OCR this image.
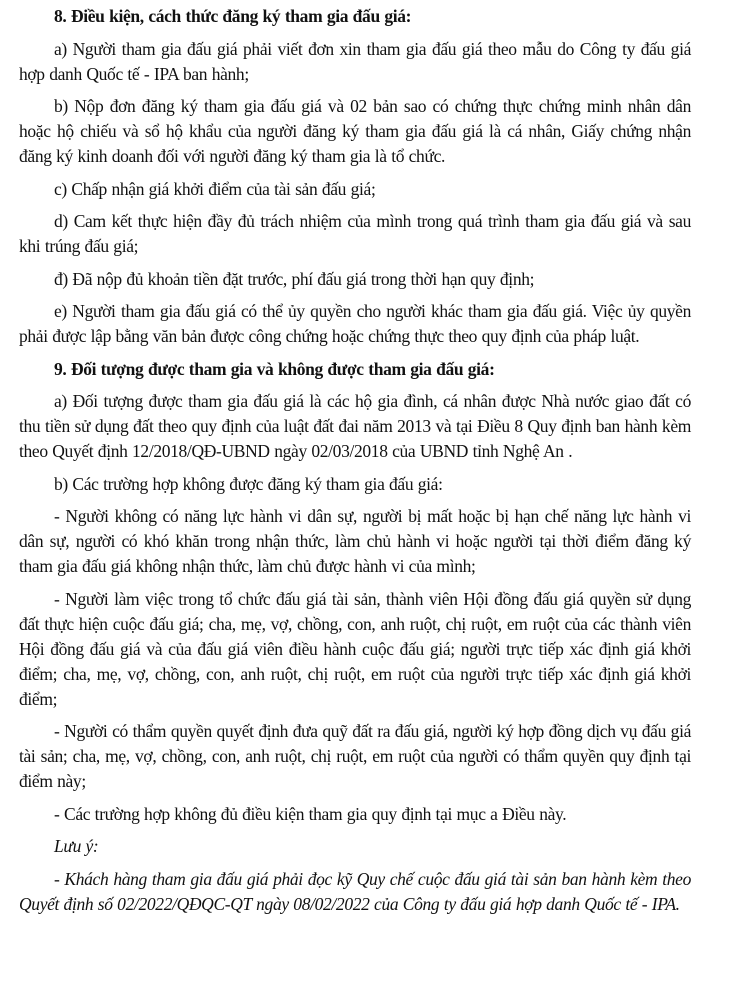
8. Điều kiện, cách thức đăng ký tham gia đấu giá:

a) Người tham gia đấu giá phải viết đơn xin tham gia đấu giá theo mẫu do Công ty đấu giá hợp danh Quốc tế - IPA ban hành;

b) Nộp đơn đăng ký tham gia đấu giá và 02 bản sao có chứng thực chứng minh nhân dân hoặc hộ chiếu và sổ hộ khẩu của người đăng ký tham gia đấu giá là cá nhân, Giấy chứng nhận đăng ký kinh doanh đối với người đăng ký tham gia là tổ chức.

c) Chấp nhận giá khởi điểm của tài sản đấu giá;

d) Cam kết thực hiện đầy đủ trách nhiệm của mình trong quá trình tham gia đấu giá và sau khi trúng đấu giá;

đ) Đã nộp đủ khoản tiền đặt trước, phí đấu giá trong thời hạn quy định;

e) Người tham gia đấu giá có thể ủy quyền cho người khác tham gia đấu giá. Việc ủy quyền phải được lập bằng văn bản được công chứng hoặc chứng thực theo quy định của pháp luật.

9. Đối tượng được tham gia và không được tham gia đấu giá:

a) Đối tượng được tham gia đấu giá là các hộ gia đình, cá nhân được Nhà nước giao đất có thu tiền sử dụng đất theo quy định của luật đất đai năm 2013 và tại Điều 8 Quy định ban hành kèm theo Quyết định 12/2018/QĐ-UBND ngày 02/03/2018 của UBND tỉnh Nghệ An .

b) Các trường hợp không được đăng ký tham gia đấu giá:

- Người không có năng lực hành vi dân sự, người bị mất hoặc bị hạn chế năng lực hành vi dân sự, người có khó khăn trong nhận thức, làm chủ hành vi hoặc người tại thời điểm đăng ký tham gia đấu giá không nhận thức, làm chủ được hành vi của mình;

- Người làm việc trong tổ chức đấu giá tài sản, thành viên Hội đồng đấu giá quyền sử dụng đất thực hiện cuộc đấu giá; cha, mẹ, vợ, chồng, con, anh ruột, chị ruột, em ruột của các thành viên Hội đồng đấu giá và của đấu giá viên điều hành cuộc đấu giá; người trực tiếp xác định giá khởi điểm; cha, mẹ, vợ, chồng, con, anh ruột, chị ruột, em ruột của người trực tiếp xác định giá khởi điểm;

- Người có thẩm quyền quyết định đưa quỹ đất ra đấu giá, người ký hợp đồng dịch vụ đấu giá tài sản; cha, mẹ, vợ, chồng, con, anh ruột, chị ruột, em ruột của người có thẩm quyền quy định tại điểm này;

- Các trường hợp không đủ điều kiện tham gia quy định tại mục a Điều này.

Lưu ý:

- Khách hàng tham gia đấu giá phải đọc kỹ Quy chế cuộc đấu giá tài sản ban hành kèm theo Quyết định số 02/2022/QĐQC-QT ngày 08/02/2022 của Công ty đấu giá hợp danh Quốc tế - IPA.
